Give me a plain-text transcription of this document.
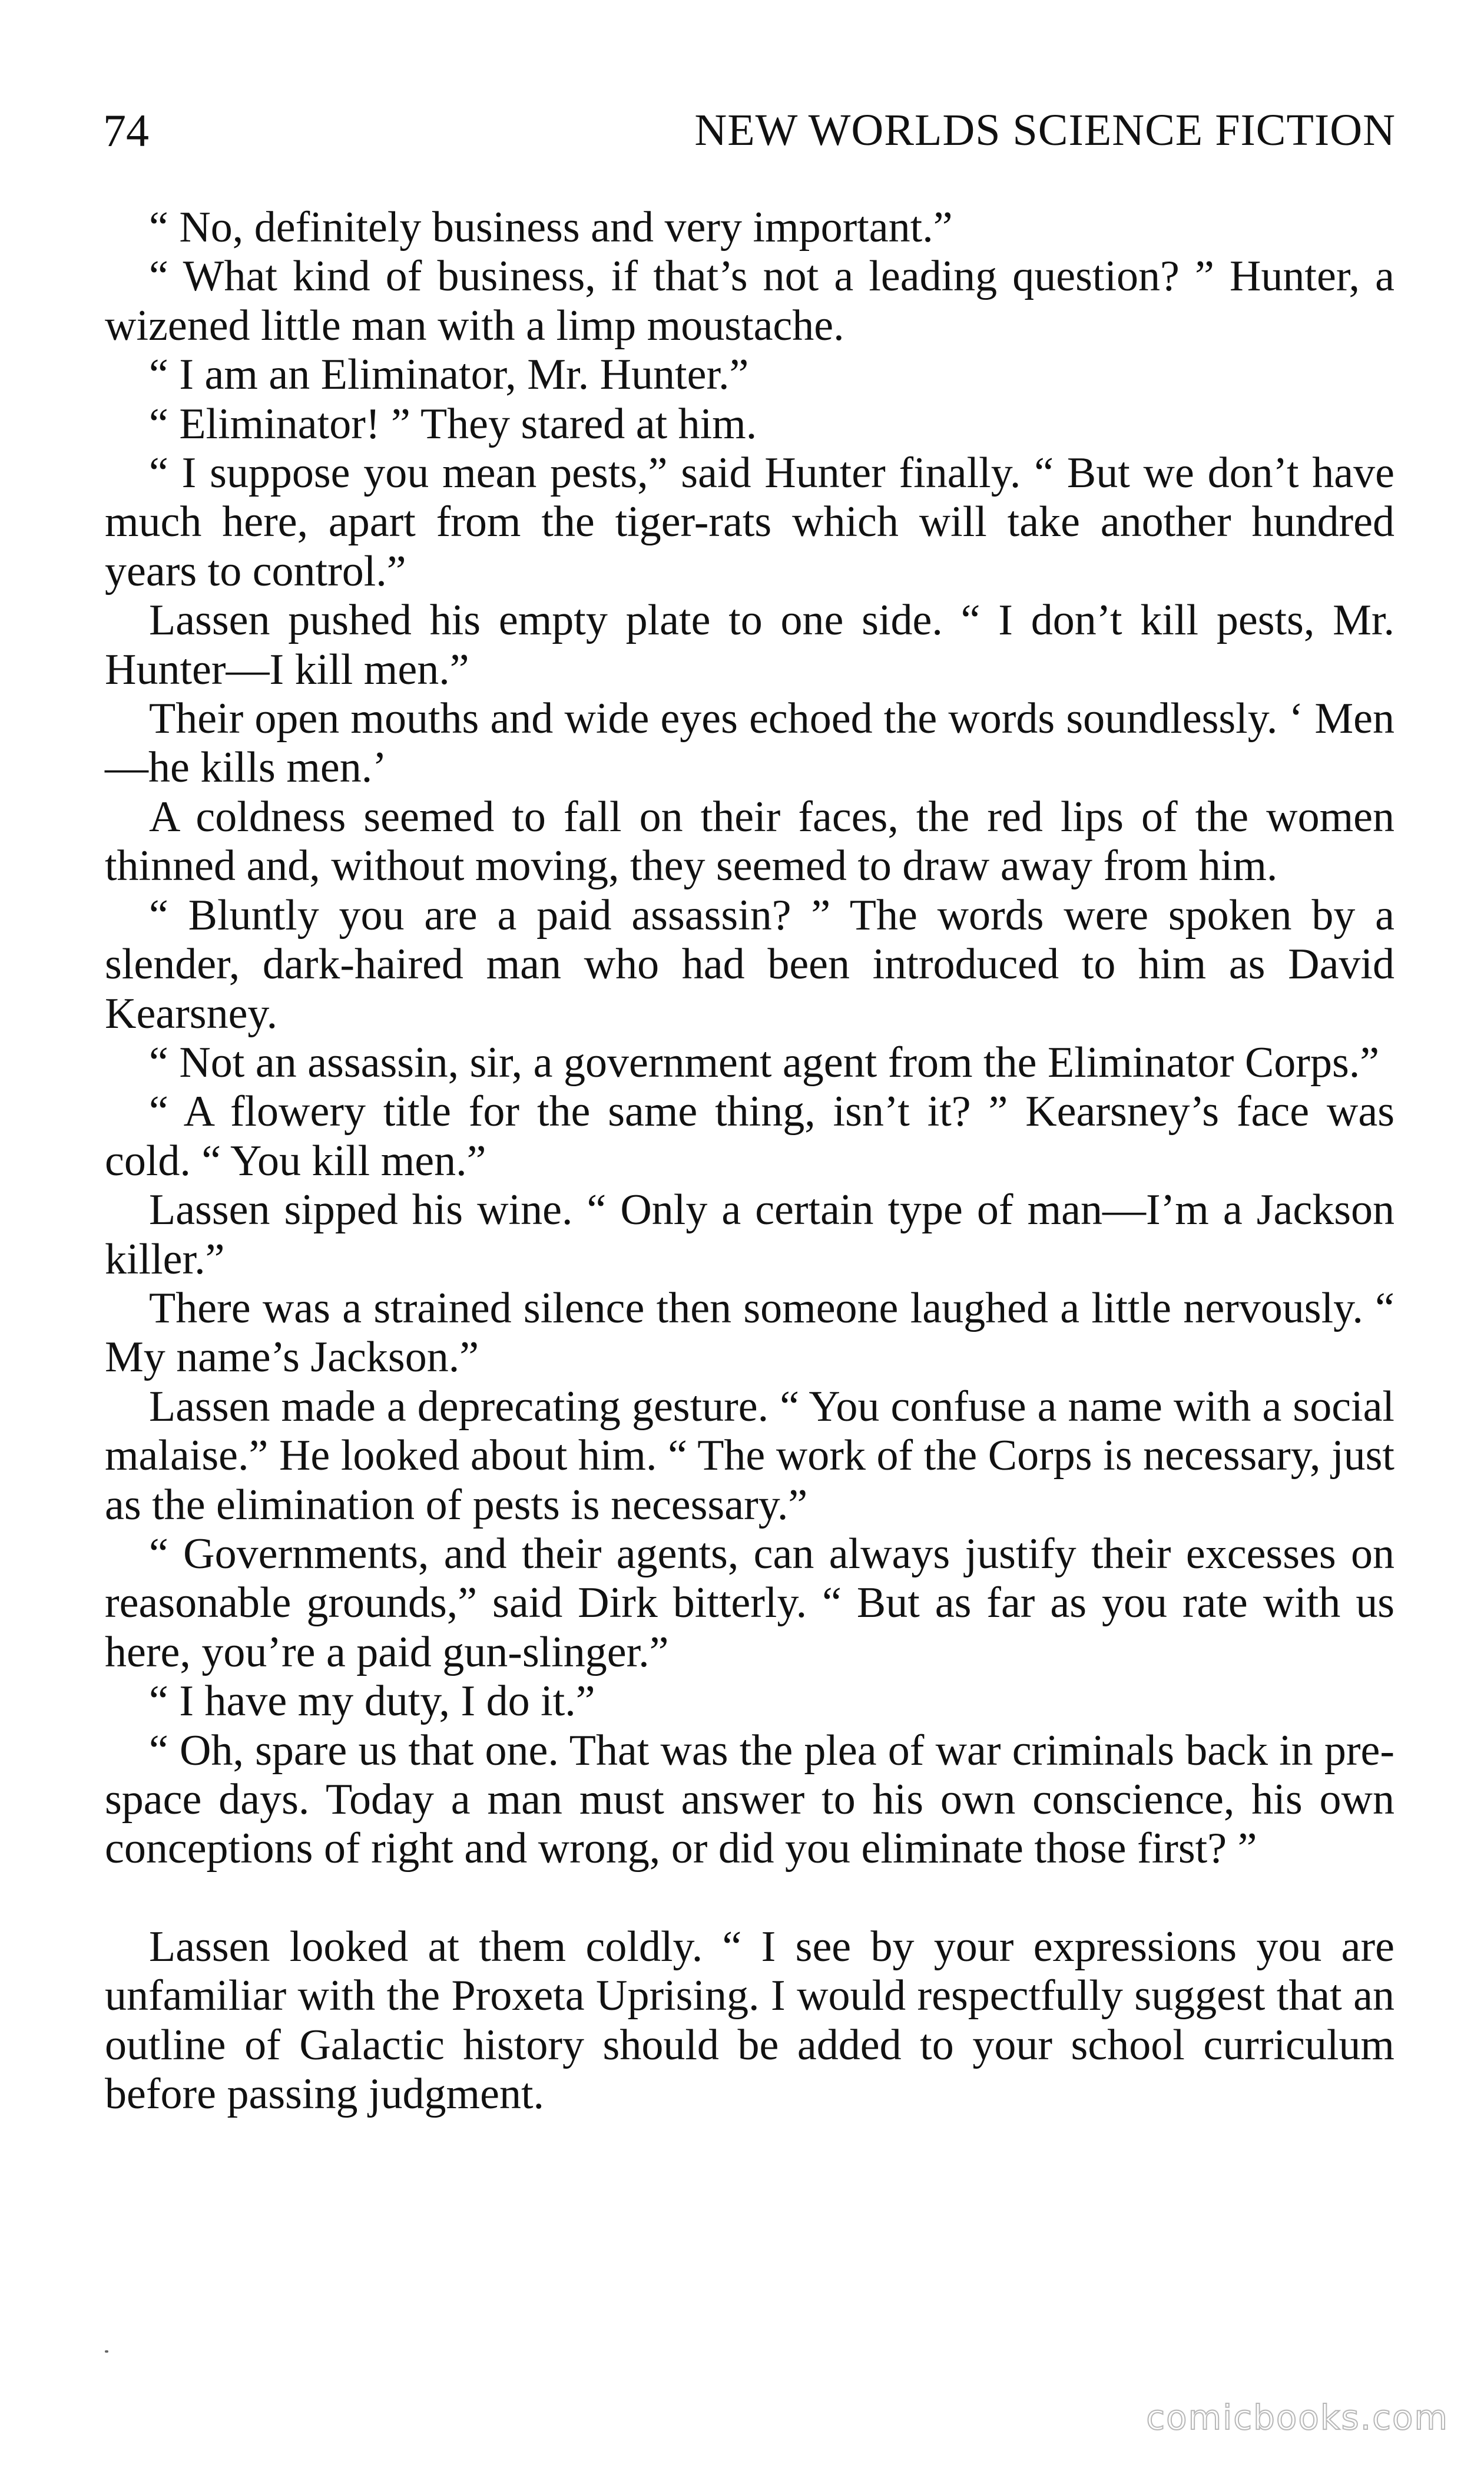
74	NEW WORLDS SCIENCE FICTION

“ No, definitely business and very important.”

“ What kind of business, if that’s not a leading question? ” Hunter, a wizened little man with a limp moustache.

“ I am an Eliminator, Mr. Hunter.”

“ Eliminator! ” They stared at him.

“ I suppose you mean pests,” said Hunter finally. “ But we don’t have much here, apart from the tiger-rats which will take another hundred years to control.”

Lassen pushed his empty plate to one side. “ I don’t kill pests, Mr. Hunter—I kill men.”

Their open mouths and wide eyes echoed the words soundlessly. ‘ Men—he kills men.’

A coldness seemed to fall on their faces, the red lips of the women thinned and, without moving, they seemed to draw away from him.

“ Bluntly you are a paid assassin? ” The words were spoken by a slender, dark-haired man who had been introduced to him as David Kearsney.

“ Not an assassin, sir, a government agent from the Eliminator Corps.”

“ A flowery title for the same thing, isn’t it? ” Kearsney’s face was cold. “ You kill men.”

Lassen sipped his wine. “ Only a certain type of man—I’m a Jackson killer.”

There was a strained silence then someone laughed a little nervously. “ My name’s Jackson.”

Lassen made a deprecating gesture. “ You confuse a name with a social malaise.” He looked about him. “ The work of the Corps is necessary, just as the elimination of pests is necessary.”

“ Governments, and their agents, can always justify their excesses on reasonable grounds,” said Dirk bitterly. “ But as far as you rate with us here, you’re a paid gun-slinger.”

“ I have my duty, I do it.”

“ Oh, spare us that one. That was the plea of war criminals back in pre-space days. Today a man must answer to his own conscience, his own conceptions of right and wrong, or did you eliminate those first? ”

Lassen looked at them coldly. “ I see by your expressions you are unfamiliar with the Proxeta Uprising. I would respectfully suggest that an outline of Galactic history should be added to your school curriculum before passing judgment.

comicbooks.com
